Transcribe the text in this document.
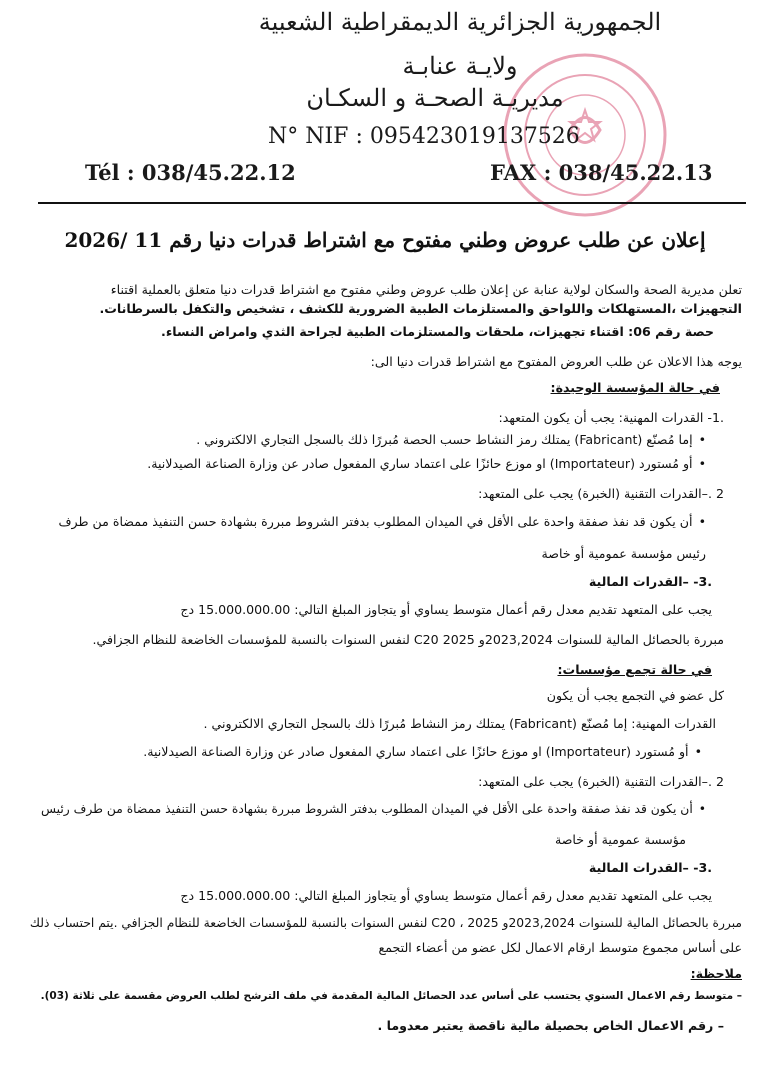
الجمهورية الجزائرية الديمقراطية الشعبية
ولايـة عنابـة
مديريـة الصحـة و السكـان
N° NIF : 095423019137526
Tél : 038/45.22.12	FAX : 038/45.22.13
إعلان عن طلب عروض وطني مفتوح مع اشتراط قدرات دنيا رقم 11 /2026
تعلن مديرية الصحة والسكان لولاية عنابة عن إعلان طلب عروض وطني مفتوح مع اشتراط قدرات دنيا متعلق بالعملية اقتناء
التجهيزات ،المستهلكات واللواحق والمستلزمات الطبية الضرورية للكشف ، تشخيص والتكفل بالسرطانات.
حصة رقم 06: اقتناء تجهيزات، ملحقات والمستلزمات الطبية لجراحة الثدي وامراض النساء.
يوجه هذا الاعلان عن طلب العروض المفتوح مع اشتراط قدرات دنيا الى:
في حالة المؤسسة الوحيدة:
.1- القدرات المهنية: يجب أن يكون المتعهد:
• إما مُصنّع (Fabricant) يمتلك رمز النشاط حسب الحصة مُبررًا ذلك بالسجل التجاري الالكتروني .
• أو مُستورد (Importateur) او موزع حائزًا على اعتماد ساري المفعول صادر عن وزارة الصناعة الصيدلانية.
2 .–القدرات التقنية (الخبرة) يجب على المتعهد:
• أن يكون قد نفذ صفقة واحدة على الأقل في الميدان المطلوب بدفتر الشروط مبررة بشهادة حسن التنفيذ ممضاة من طرف
رئيس مؤسسة عمومية أو خاصة
.3- –القدرات المالية
يجب على المتعهد تقديم معدل رقم أعمال متوسط يساوي أو يتجاوز المبلغ التالي: 15.000.000.00 دج
مبررة بالحصائل المالية للسنوات 2023,2024و 2025 C20 لنفس السنوات بالنسبة للمؤسسات الخاضعة للنظام الجزافي.
في حالة تجمع مؤسسات:
كل عضو في التجمع يجب أن يكون
القدرات المهنية: إما مُصنّع (Fabricant) يمتلك رمز النشاط مُبررًا ذلك بالسجل التجاري الالكتروني .
• أو مُستورد (Importateur) او موزع حائزًا على اعتماد ساري المفعول صادر عن وزارة الصناعة الصيدلانية.
2 .–القدرات التقنية (الخبرة) يجب على المتعهد:
• أن يكون قد نفذ صفقة واحدة على الأقل في الميدان المطلوب بدفتر الشروط مبررة بشهادة حسن التنفيذ ممضاة من طرف رئيس
مؤسسة عمومية أو خاصة
.3- –القدرات المالية
يجب على المتعهد تقديم معدل رقم أعمال متوسط يساوي أو يتجاوز المبلغ التالي: 15.000.000.00 دج
مبررة بالحصائل المالية للسنوات 2023,2024و 2025 ، C20 لنفس السنوات بالنسبة للمؤسسات الخاضعة للنظام الجزافي .يتم احتساب ذلك
على أساس مجموع متوسط ارقام الاعمال لكل عضو من أعضاء التجمع
ملاحظة:
– متوسط رقم الاعمال السنوي يحتسب على أساس عدد الحصائل المالية المقدمة في ملف الترشح لطلب العروض مقسمة على ثلاثة (03).
– رقم الاعمال الخاص بحصيلة مالية ناقصة يعتبر معدوما .
